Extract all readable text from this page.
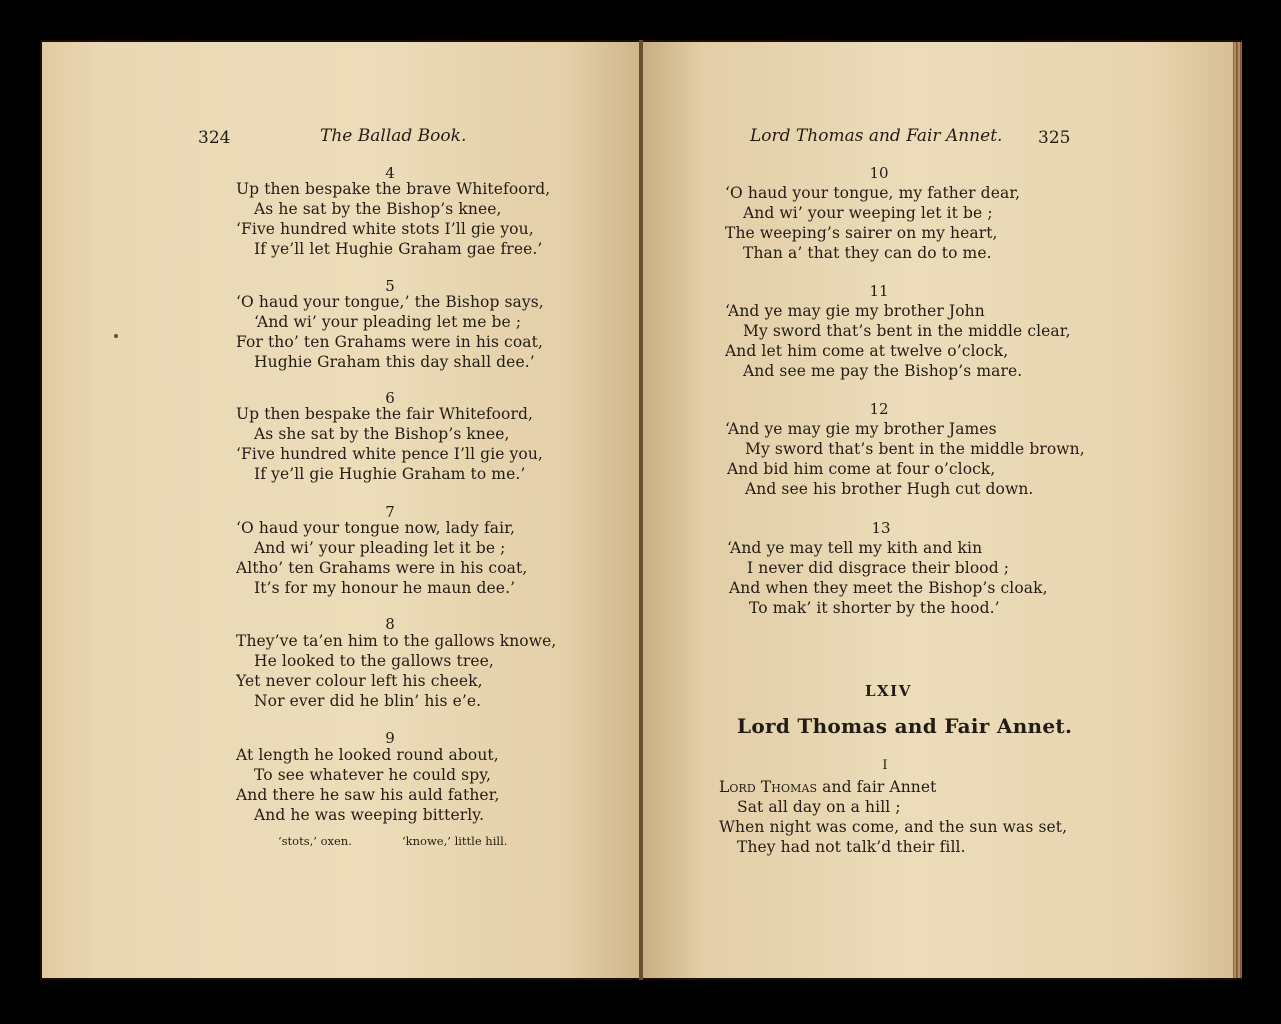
324	The Ballad Book.
4
Up then bespake the brave Whitefoord,
As he sat by the Bishop’s knee,
‘Five hundred white stots I’ll gie you,
If ye’ll let Hughie Graham gae free.’
5
‘O haud your tongue,’ the Bishop says,
‘And wi’ your pleading let me be ;
For tho’ ten Grahams were in his coat,
Hughie Graham this day shall dee.’
6
Up then bespake the fair Whitefoord,
As she sat by the Bishop’s knee,
‘Five hundred white pence I’ll gie you,
If ye’ll gie Hughie Graham to me.’
7
‘O haud your tongue now, lady fair,
And wi’ your pleading let it be ;
Altho’ ten Grahams were in his coat,
It’s for my honour he maun dee.’
8
They’ve ta’en him to the gallows knowe,
He looked to the gallows tree,
Yet never colour left his cheek,
Nor ever did he blin’ his e’e.
9
At length he looked round about,
To see whatever he could spy,
And there he saw his auld father,
And he was weeping bitterly.
‘stots,’ oxen.	‘knowe,’ little hill.
Lord Thomas and Fair Annet. 325
10
‘O haud your tongue, my father dear,
And wi’ your weeping let it be ;
The weeping’s sairer on my heart,
Than a’ that they can do to me.
11
‘And ye may gie my brother John
My sword that’s bent in the middle clear,
And let him come at twelve o’clock,
And see me pay the Bishop’s mare.
12
‘And ye may gie my brother James
My sword that’s bent in the middle brown,
And bid him come at four o’clock,
And see his brother Hugh cut down.
13
‘And ye may tell my kith and kin
I never did disgrace their blood ;
And when they meet the Bishop’s cloak,
To mak’ it shorter by the hood.’
LXIV
Lord Thomas and Fair Annet.
I
Lord Thomas and fair Annet
Sat all day on a hill ;
When night was come, and the sun was set,
They had not talk’d their fill.
